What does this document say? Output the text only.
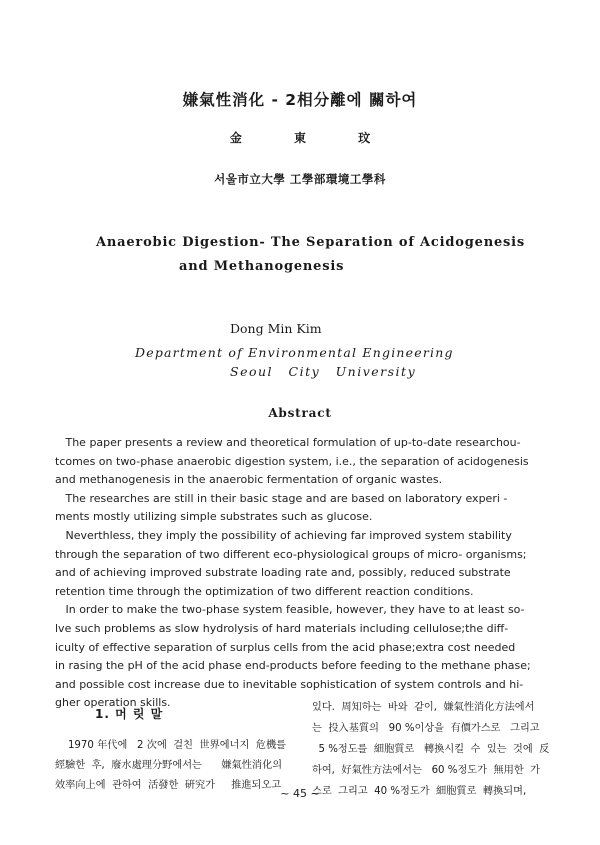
嫌氣性消化 - 2相分離에 關하여
金 東 玟
서울市立大學 工學部環境工學科
Anaerobic Digestion- The Separation of Acidogenesis
and Methanogenesis
Dong Min Kim
Department of Environmental Engineering
Seoul City University
Abstract
The paper presents a review and theoretical formulation of up-to-date researchou-
tcomes on two-phase anaerobic digestion system, i.e., the separation of acidogenesis
and methanogenesis in the anaerobic fermentation of organic wastes.
The researches are still in their basic stage and are based on laboratory experi -
ments mostly utilizing simple substrates such as glucose.
Neverthless, they imply the possibility of achieving far improved system stability
through the separation of two different eco-physiological groups of micro- organisms;
and of achieving improved substrate loading rate and, possibly, reduced substrate
retention time through the optimization of two different reaction conditions.
In order to make the two-phase system feasible, however, they have to at least so-
lve such problems as slow hydrolysis of hard materials including cellulose;the diff-
iculty of effective separation of surplus cells from the acid phase;extra cost needed
in rasing the pH of the acid phase end-products before feeding to the methane phase;
and possible cost increase due to inevitable sophistication of system controls and hi-
gher operation skills.
1. 머 릿 말
1970 年代에   2 次에  걸친  世界에너지  危機를
經驗한  후,  廢水處理分野에서는      嫌氣性消化의
效率向上에  관하여  活發한  硏究가     推進되오고
있다.  周知하는  바와  같이,  嫌氣性消化方法에서
는  投入基質의   90 %이상을  有價가스로   그리고
5 %정도를  細胞質로   轉換시킬  수  있는  것에  反
하여,  好氣性方法에서는   60 %정도가  無用한  가
스로  그리고  40 %정도가  細胞質로  轉換되며,
~ 45 ~
